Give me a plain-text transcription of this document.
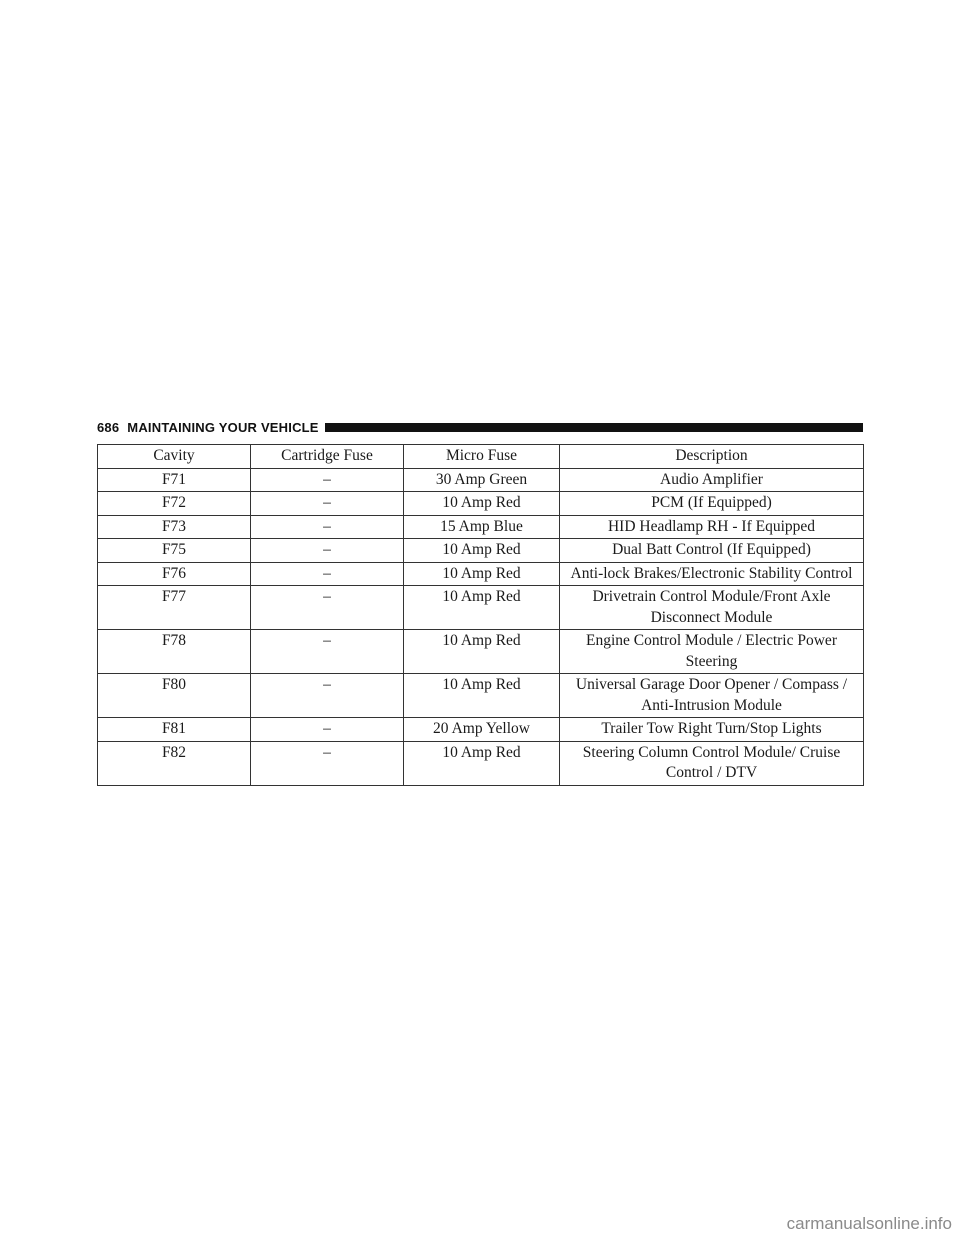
686 MAINTAINING YOUR VEHICLE
Cavity	Cartridge Fuse	Micro Fuse	Description
F71	–	30 Amp Green	Audio Amplifier
F72	–	10 Amp Red	PCM (If Equipped)
F73	–	15 Amp Blue	HID Headlamp RH - If Equipped
F75	–	10 Amp Red	Dual Batt Control (If Equipped)
F76	–	10 Amp Red	Anti-lock Brakes/Electronic Stability Control
F77	–	10 Amp Red	Drivetrain Control Module/Front Axle Disconnect Module
F78	–	10 Amp Red	Engine Control Module / Electric Power Steering
F80	–	10 Amp Red	Universal Garage Door Opener / Compass / Anti-Intrusion Module
F81	–	20 Amp Yellow	Trailer Tow Right Turn/Stop Lights
F82	–	10 Amp Red	Steering Column Control Module/ Cruise Control / DTV
carmanualsonline.info
